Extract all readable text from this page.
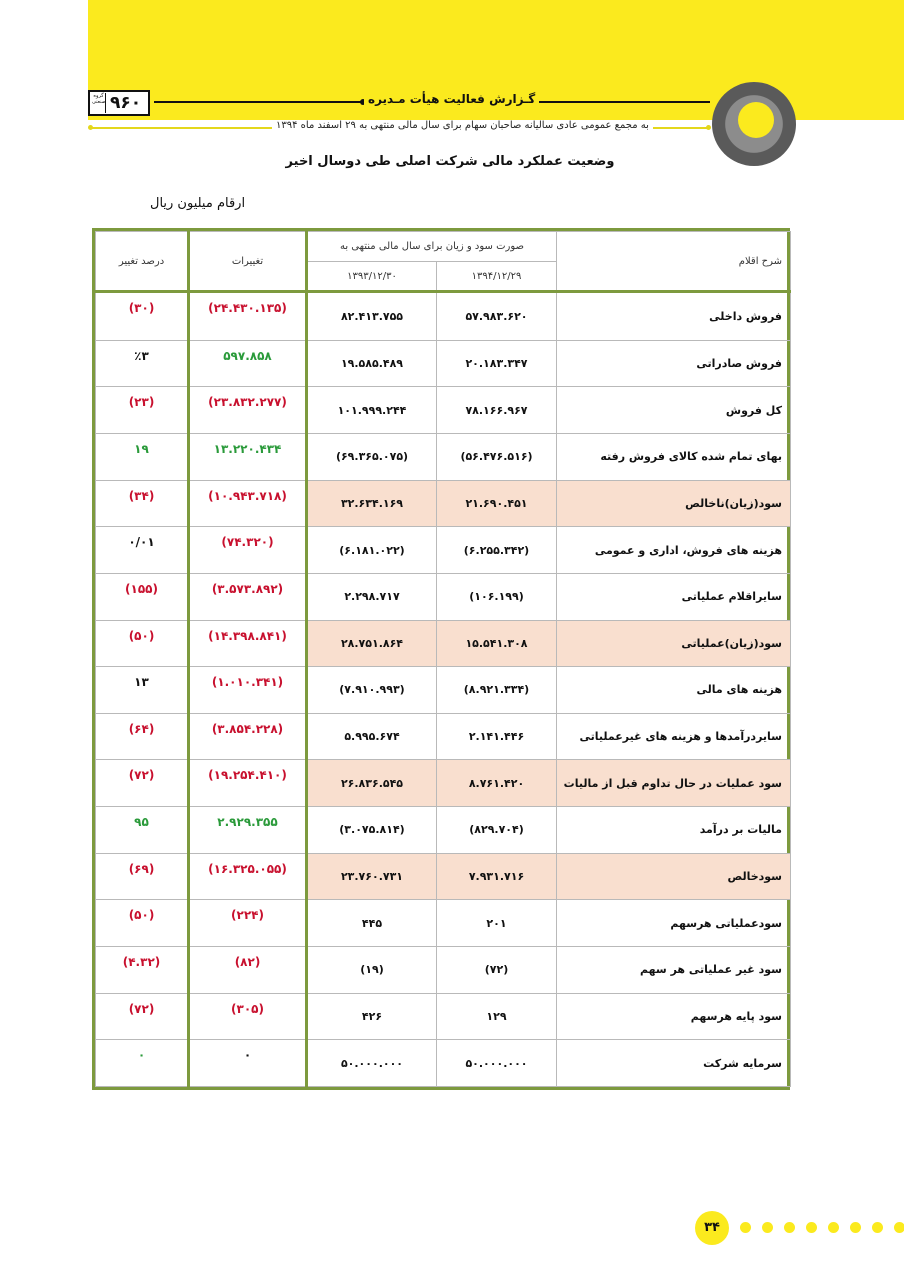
گروه صنعتی ۹۶۰	گـزارش فعالیت هیأت مـدیره
به مجمع عمومی عادی سالیانه صاحبان سهام برای سال مالی منتهی به ۲۹ اسفند ماه ۱۳۹۴
وضعیت عملکرد مالی شرکت اصلی طی دوسال اخیر
ارقام میلیون ریال
شرح اقلام	صورت سود و زیان برای سال مالی منتهی به		تغییرات	درصد تغییر
	۱۳۹۴/۱۲/۲۹	۱۳۹۳/۱۲/۳۰		
فروش داخلی	۵۷.۹۸۳.۶۲۰	۸۲.۴۱۳.۷۵۵	(۲۴.۴۳۰.۱۳۵)	(۳۰)
فروش صادراتی	۲۰.۱۸۳.۳۴۷	۱۹.۵۸۵.۴۸۹	۵۹۷.۸۵۸	٪۳
کل فروش	۷۸.۱۶۶.۹۶۷	۱۰۱.۹۹۹.۲۴۴	(۲۳.۸۳۲.۲۷۷)	(۲۳)
بهای تمام شده کالای فروش رفته	(۵۶.۴۷۶.۵۱۶)	(۶۹.۳۶۵.۰۷۵)	۱۳.۲۲۰.۴۳۴	۱۹
سود(زیان)ناخالص	۲۱.۶۹۰.۴۵۱	۳۲.۶۳۴.۱۶۹	(۱۰.۹۴۳.۷۱۸)	(۳۴)
هزینه های فروش، اداری و عمومی	(۶.۲۵۵.۳۴۲)	(۶.۱۸۱.۰۲۲)	(۷۴.۳۲۰)	۰/۰۱
سایراقلام عملیاتی	(۱۰۶.۱۹۹)	۲.۲۹۸.۷۱۷	(۳.۵۷۳.۸۹۲)	(۱۵۵)
سود(زیان)عملیاتی	۱۵.۵۴۱.۳۰۸	۲۸.۷۵۱.۸۶۴	(۱۴.۳۹۸.۸۴۱)	(۵۰)
هزینه های مالی	(۸.۹۲۱.۳۳۴)	(۷.۹۱۰.۹۹۳)	(۱.۰۱۰.۳۴۱)	۱۳
سایردرآمدها و هزینه های غیرعملیاتی	۲.۱۴۱.۴۴۶	۵.۹۹۵.۶۷۴	(۳.۸۵۴.۲۲۸)	(۶۴)
سود عملیات در حال تداوم قبل از مالیات	۸.۷۶۱.۴۲۰	۲۶.۸۳۶.۵۴۵	(۱۹.۲۵۴.۴۱۰)	(۷۲)
مالیات بر درآمد	(۸۲۹.۷۰۴)	(۳.۰۷۵.۸۱۴)	۲.۹۲۹.۳۵۵	۹۵
سودخالص	۷.۹۳۱.۷۱۶	۲۳.۷۶۰.۷۳۱	(۱۶.۳۲۵.۰۵۵)	(۶۹)
سودعملیاتی هرسهم	۲۰۱	۴۴۵	(۲۲۴)	(۵۰)
سود غیر عملیاتی هر سهم	(۷۲)	(۱۹)	(۸۲)	(۴.۳۲)
سود پایه هرسهم	۱۲۹	۴۲۶	(۳۰۵)	(۷۲)
سرمایه شرکت	۵۰.۰۰۰.۰۰۰	۵۰.۰۰۰.۰۰۰	۰	۰
۳۴
